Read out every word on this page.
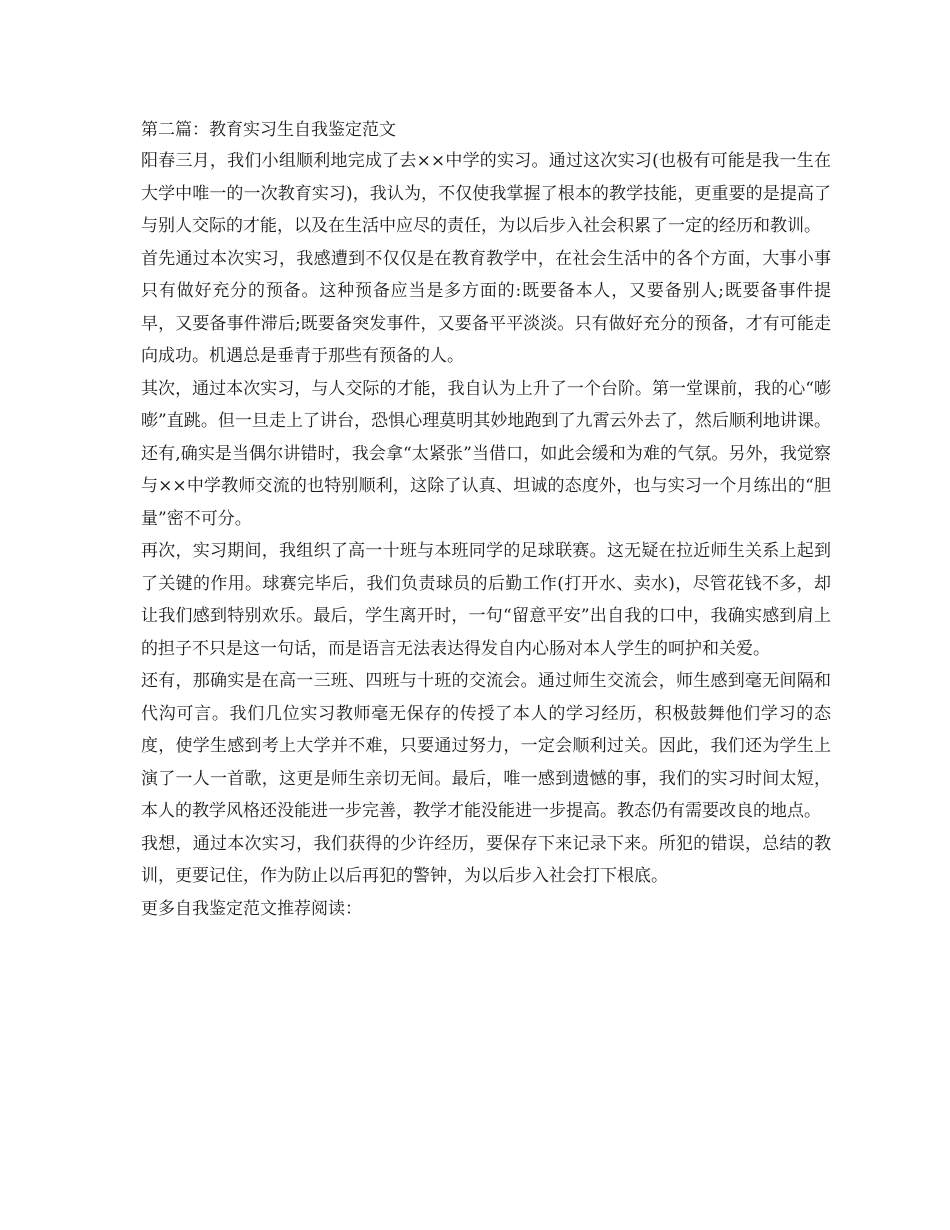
第二篇：教育实习生自我鉴定范文

阳春三月，我们小组顺利地完成了去××中学的实习。通过这次实习(也极有可能是我一生在大学中唯一的一次教育实习)，我认为，不仅使我掌握了根本的教学技能，更重要的是提高了与别人交际的才能，以及在生活中应尽的责任，为以后步入社会积累了一定的经历和教训。

首先通过本次实习，我感遭到不仅仅是在教育教学中，在社会生活中的各个方面，大事小事只有做好充分的预备。这种预备应当是多方面的:既要备本人，又要备别人;既要备事件提早，又要备事件滞后;既要备突发事件，又要备平平淡淡。只有做好充分的预备，才有可能走向成功。机遇总是垂青于那些有预备的人。

其次，通过本次实习，与人交际的才能，我自认为上升了一个台阶。第一堂课前，我的心“嘭嘭”直跳。但一旦走上了讲台，恐惧心理莫明其妙地跑到了九霄云外去了，然后顺利地讲课。还有,确实是当偶尔讲错时，我会拿“太紧张”当借口，如此会缓和为难的气氛。另外，我觉察与××中学教师交流的也特别顺利，这除了认真、坦诚的态度外，也与实习一个月练出的“胆量”密不可分。

再次，实习期间，我组织了高一十班与本班同学的足球联赛。这无疑在拉近师生关系上起到了关键的作用。球赛完毕后，我们负责球员的后勤工作(打开水、卖水)，尽管花钱不多，却让我们感到特别欢乐。最后，学生离开时，一句“留意平安”出自我的口中，我确实感到肩上的担子不只是这一句话，而是语言无法表达得发自内心肠对本人学生的呵护和关爱。

还有，那确实是在高一三班、四班与十班的交流会。通过师生交流会，师生感到毫无间隔和代沟可言。我们几位实习教师毫无保存的传授了本人的学习经历，积极鼓舞他们学习的态度，使学生感到考上大学并不难，只要通过努力，一定会顺利过关。因此，我们还为学生上演了一人一首歌，这更是师生亲切无间。最后，唯一感到遗憾的事，我们的实习时间太短，本人的教学风格还没能进一步完善，教学才能没能进一步提高。教态仍有需要改良的地点。

我想，通过本次实习，我们获得的少许经历，要保存下来记录下来。所犯的错误，总结的教训，更要记住，作为防止以后再犯的警钟，为以后步入社会打下根底。

更多自我鉴定范文推荐阅读：
